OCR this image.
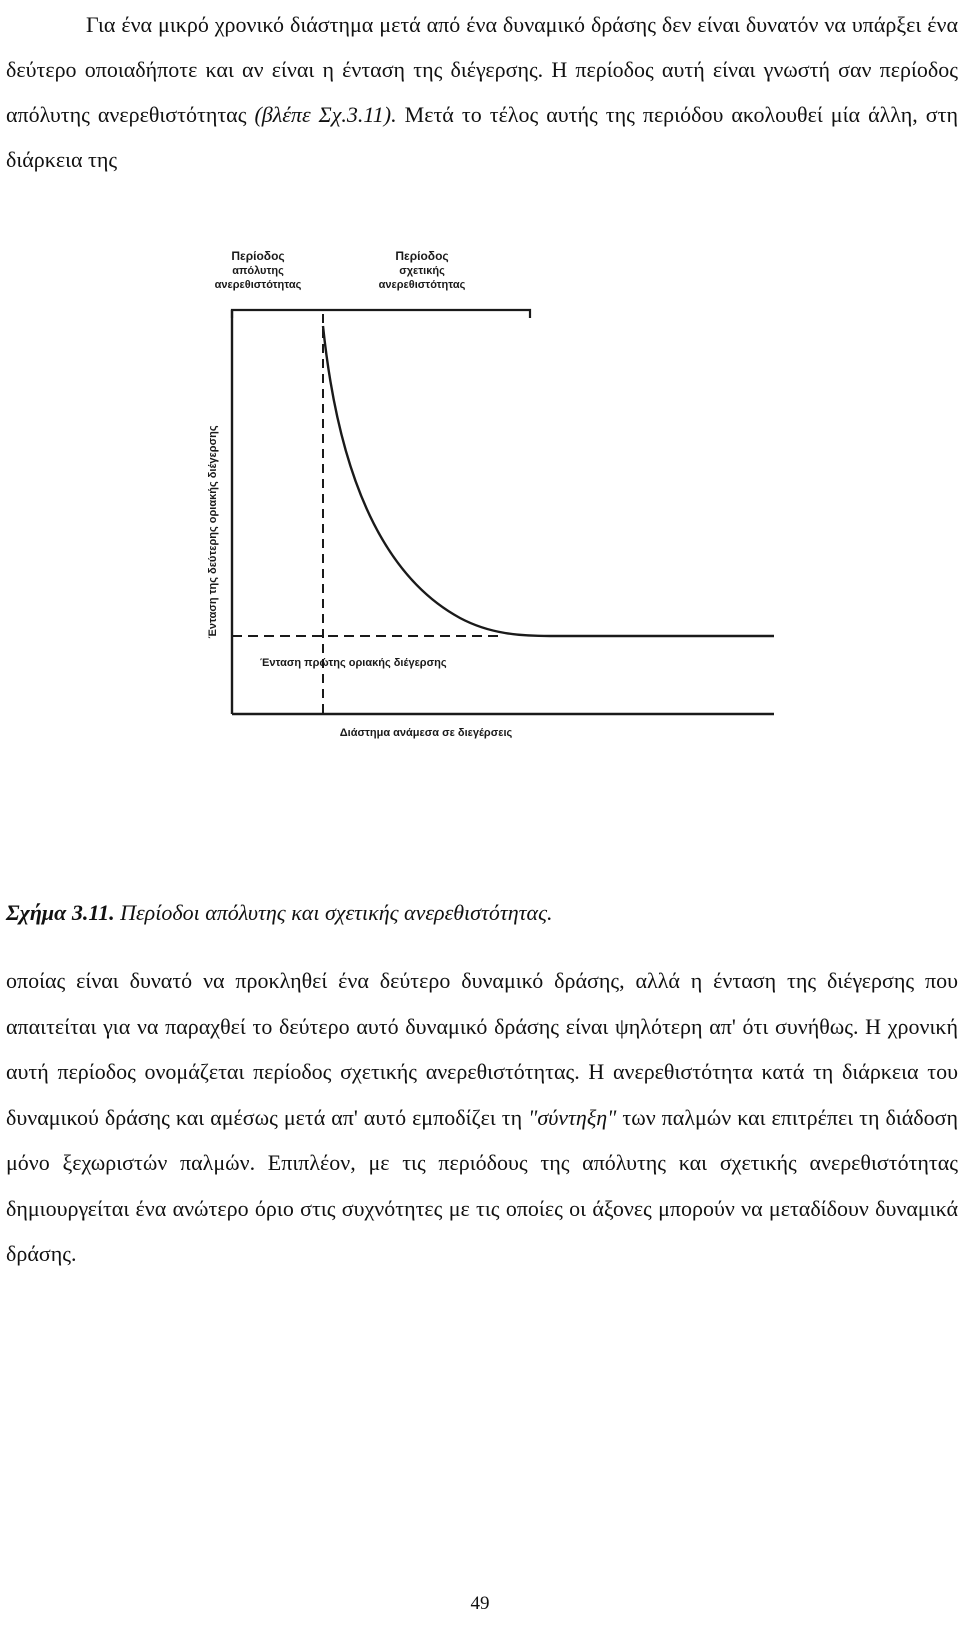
Για ένα μικρό χρονικό διάστημα μετά από ένα δυναμικό δράσης δεν είναι δυνατόν να υπάρξει ένα δεύτερο οποιαδήποτε και αν είναι η ένταση της διέγερσης. Η περίοδος αυτή είναι γνωστή σαν περίοδος απόλυτης ανερεθιστότητας (βλέπε Σχ.3.11). Μετά το τέλος αυτής της περιόδου ακολουθεί μία άλλη, στη διάρκεια της

Περίοδος
απόλυτης
ανερεθιστότητας
Περίοδος
σχετικής
ανερεθιστότητας
Ένταση της δεύτερης οριακής διέγερσης
Ένταση πρώτης οριακής διέγερσης
Διάστημα ανάμεσα σε διεγέρσεις

Σχήμα 3.11. Περίοδοι απόλυτης και σχετικής ανερεθιστότητας.

οποίας είναι δυνατό να προκληθεί ένα δεύτερο δυναμικό δράσης, αλλά η ένταση της διέγερσης που απαιτείται για να παραχθεί το δεύτερο αυτό δυναμικό δράσης είναι ψηλότερη απ' ότι συνήθως. Η χρονική αυτή περίοδος ονομάζεται περίοδος σχετικής ανερεθιστότητας. Η ανερεθιστότητα κατά τη διάρκεια του δυναμικού δράσης και αμέσως μετά απ' αυτό εμποδίζει τη "σύντηξη" των παλμών και επιτρέπει τη διάδοση μόνο ξεχωριστών παλμών. Επιπλέον, με τις περιόδους της απόλυτης και σχετικής ανερεθιστότητας δημιουργείται ένα ανώτερο όριο στις συχνότητες με τις οποίες οι άξονες μπορούν να μεταδίδουν δυναμικά δράσης.

49
